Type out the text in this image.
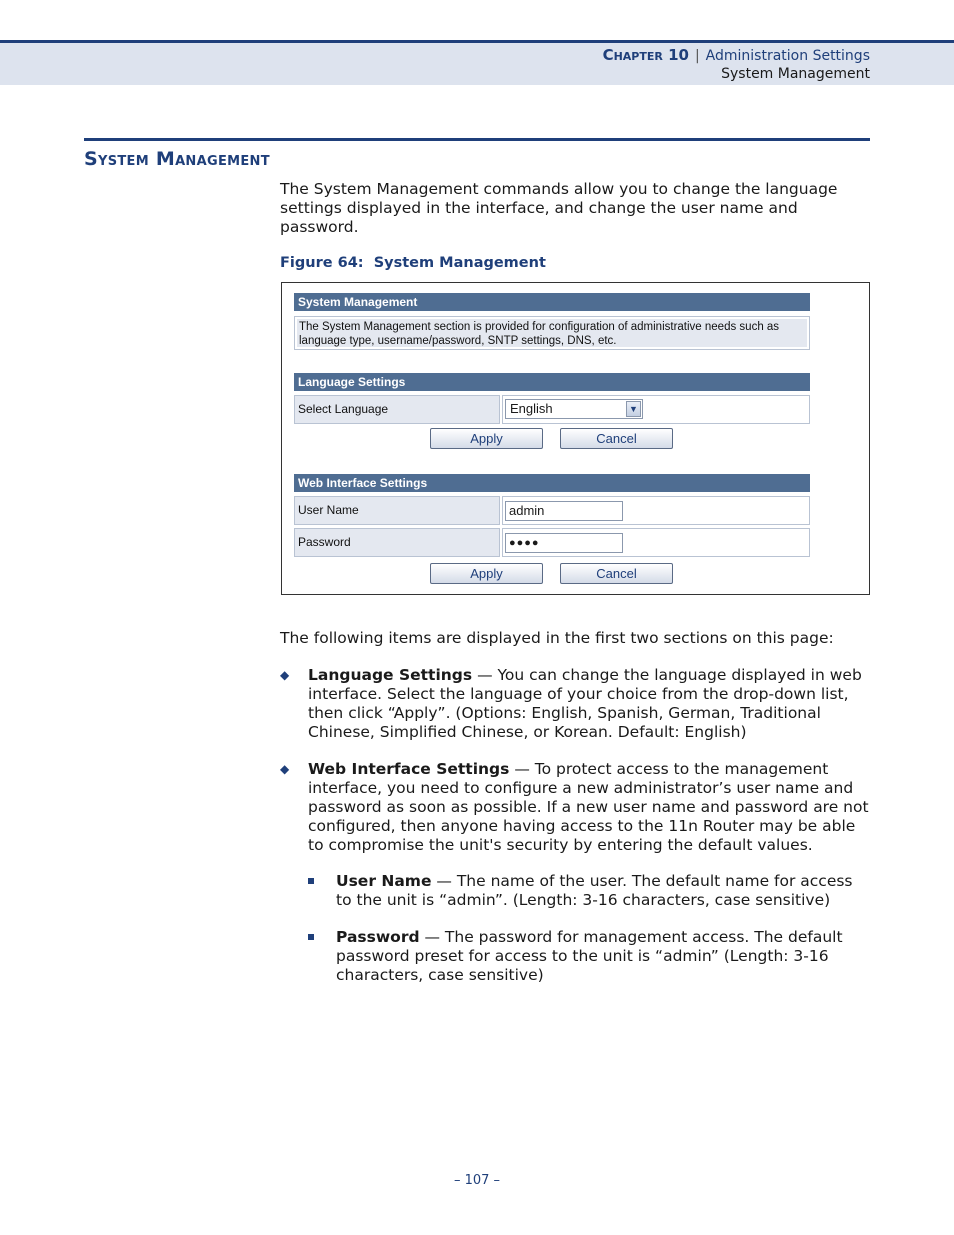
Chapter 10 | Administration Settings
System Management
System Management
The System Management commands allow you to change the language settings displayed in the interface, and change the user name and password.
Figure 64: System Management
System Management
The System Management section is provided for configuration of administrative needs such as language type, username/password, SNTP settings, DNS, etc.
Language Settings
Select Language	English	▼
Apply	Cancel
Web Interface Settings
User Name	admin
Password	●●●●
Apply	Cancel
The following items are displayed in the first two sections on this page:
◆ Language Settings — You can change the language displayed in web interface. Select the language of your choice from the drop-down list, then click “Apply”. (Options: English, Spanish, German, Traditional Chinese, Simplified Chinese, or Korean. Default: English)
◆ Web Interface Settings — To protect access to the management interface, you need to configure a new administrator’s user name and password as soon as possible. If a new user name and password are not configured, then anyone having access to the 11n Router may be able to compromise the unit's security by entering the default values.
User Name — The name of the user. The default name for access to the unit is “admin”. (Length: 3-16 characters, case sensitive)
Password — The password for management access. The default password preset for access to the unit is “admin” (Length: 3-16 characters, case sensitive)
– 107 –
